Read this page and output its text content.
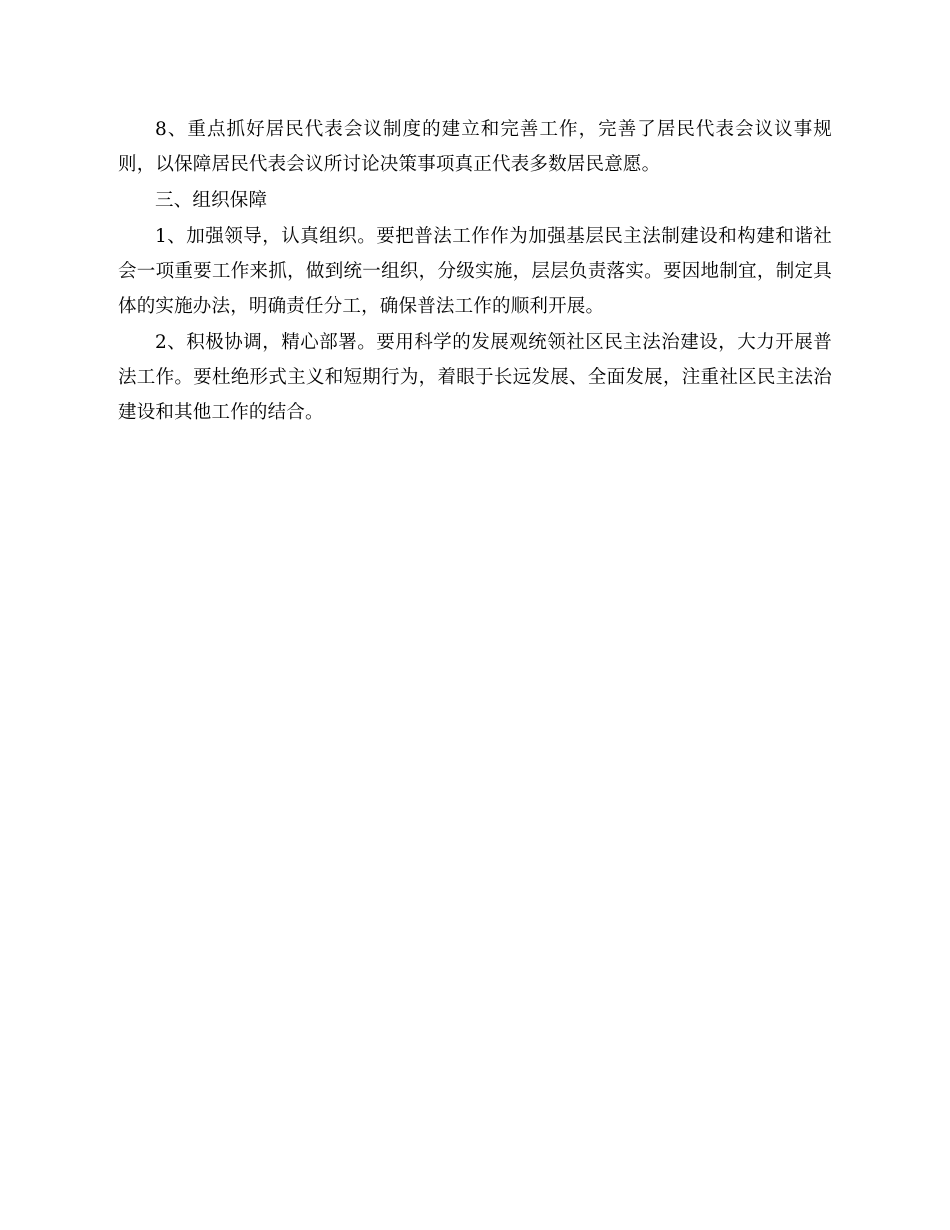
8、重点抓好居民代表会议制度的建立和完善工作，完善了居民代表会议议事规则，以保障居民代表会议所讨论决策事项真正代表多数居民意愿。

三、组织保障

1、加强领导，认真组织。要把普法工作作为加强基层民主法制建设和构建和谐社会一项重要工作来抓，做到统一组织，分级实施，层层负责落实。要因地制宜，制定具体的实施办法，明确责任分工，确保普法工作的顺利开展。

2、积极协调，精心部署。要用科学的发展观统领社区民主法治建设，大力开展普法工作。要杜绝形式主义和短期行为，着眼于长远发展、全面发展，注重社区民主法治建设和其他工作的结合。
